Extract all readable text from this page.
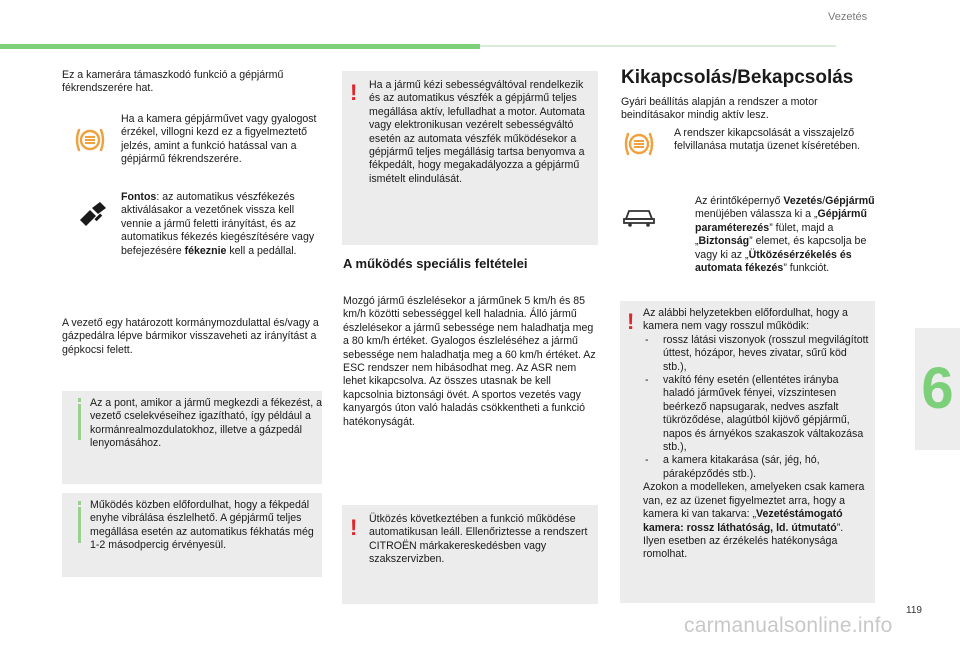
Vezetés

Ez a kamerára támaszkodó funkció a gépjármű fékrendszerére hat.

Ha a kamera gépjárművet vagy gyalogost érzékel, villogni kezd ez a figyelmeztető jelzés, amint a funkció hatással van a gépjármű fékrendszerére.

Fontos: az automatikus vészfékezés aktiválásakor a vezetőnek vissza kell vennie a jármű feletti irányítást, és az automatikus fékezés kiegészítésére vagy befejezésére fékeznie kell a pedállal.

A vezető egy határozott kormánymozdulattal és/vagy a gázpedálra lépve bármikor visszaveheti az irányítást a gépkocsi felett.

Az a pont, amikor a jármű megkezdi a fékezést, a vezető cselekvéseihez igazítható, így például a kormánreal​mozdulatokhoz, illetve a gázpedál lenyomásához.

Működés közben előfordulhat, hogy a fékpedál enyhe vibrálása észlelhető. A gépjármű teljes megállása esetén az automatikus fékhatás még 1-2 másodpercig érvényesül.

! Ha a jármű kézi sebességváltóval rendelkezik és az automatikus vészfék a gépjármű teljes megállása aktív, lefulladhat a motor. Automata vagy elektronikusan vezérelt sebességváltó esetén az automata vészfék működésekor a gépjármű teljes megállásig tartsa benyomva a fékpedált, hogy megakadályozza a gépjármű ismételt elindulását.

A működés speciális feltételei

Mozgó jármű észlelésekor a járműnek 5 km/h és 85 km/h közötti sebességgel kell haladnia. Álló jármű észlelésekor a jármű sebessége nem haladhatja meg a 80 km/h értéket. Gyalogos észleléséhez a jármű sebessége nem haladhatja meg a 60 km/h értéket. Az ESC rendszer nem hibásodhat meg. Az ASR nem lehet kikapcsolva. Az összes utasnak be kell kapcsolnia biztonsági övét. A sportos vezetés vagy kanyargós úton való haladás csökkentheti a funkció hatékonyságát.

! Ütközés következtében a funkció működése automatikusan leáll. Ellenőriztesse a rendszert CITROËN márkakereskedésben vagy szakszervizben.

Kikapcsolás/Bekapcsolás

Gyári beállítás alapján a rendszer a motor beindításakor mindig aktív lesz.

A rendszer kikapcsolását a visszajelző felvillanása mutatja üzenet kíséretében.

Az érintőképernyő Vezetés/Gépjármű menüjében válassza ki a „Gépjármű paraméterezés” fület, majd a „Biztonság” elemet, és kapcsolja be vagy ki az „Ütközésérzékelés és automata fékezés” funkciót.

! Az alábbi helyzetekben előfordulhat, hogy a kamera nem vagy rosszul működik:
- rossz látási viszonyok (rosszul megvilágított úttest, hózápor, heves zivatar, sűrű köd stb.),
- vakító fény esetén (ellentétes irányba haladó járművek fényei, vízszintesen beérkező napsugarak, nedves aszfalt tükröződése, alagútból kijövő gépjármű, napos és árnyékos szakaszok váltakozása stb.),
- a kamera kitakarása (sár, jég, hó, páraképződés stb.).
Azokon a modelleken, amelyeken csak kamera van, ez az üzenet figyelmeztet arra, hogy a kamera ki van takarva: „Vezetéstámogató kamera: rossz láthatóság, ld. útmutató”.
Ilyen esetben az érzékelés hatékonysága romolhat.
6
119
carmanualsonline.info
